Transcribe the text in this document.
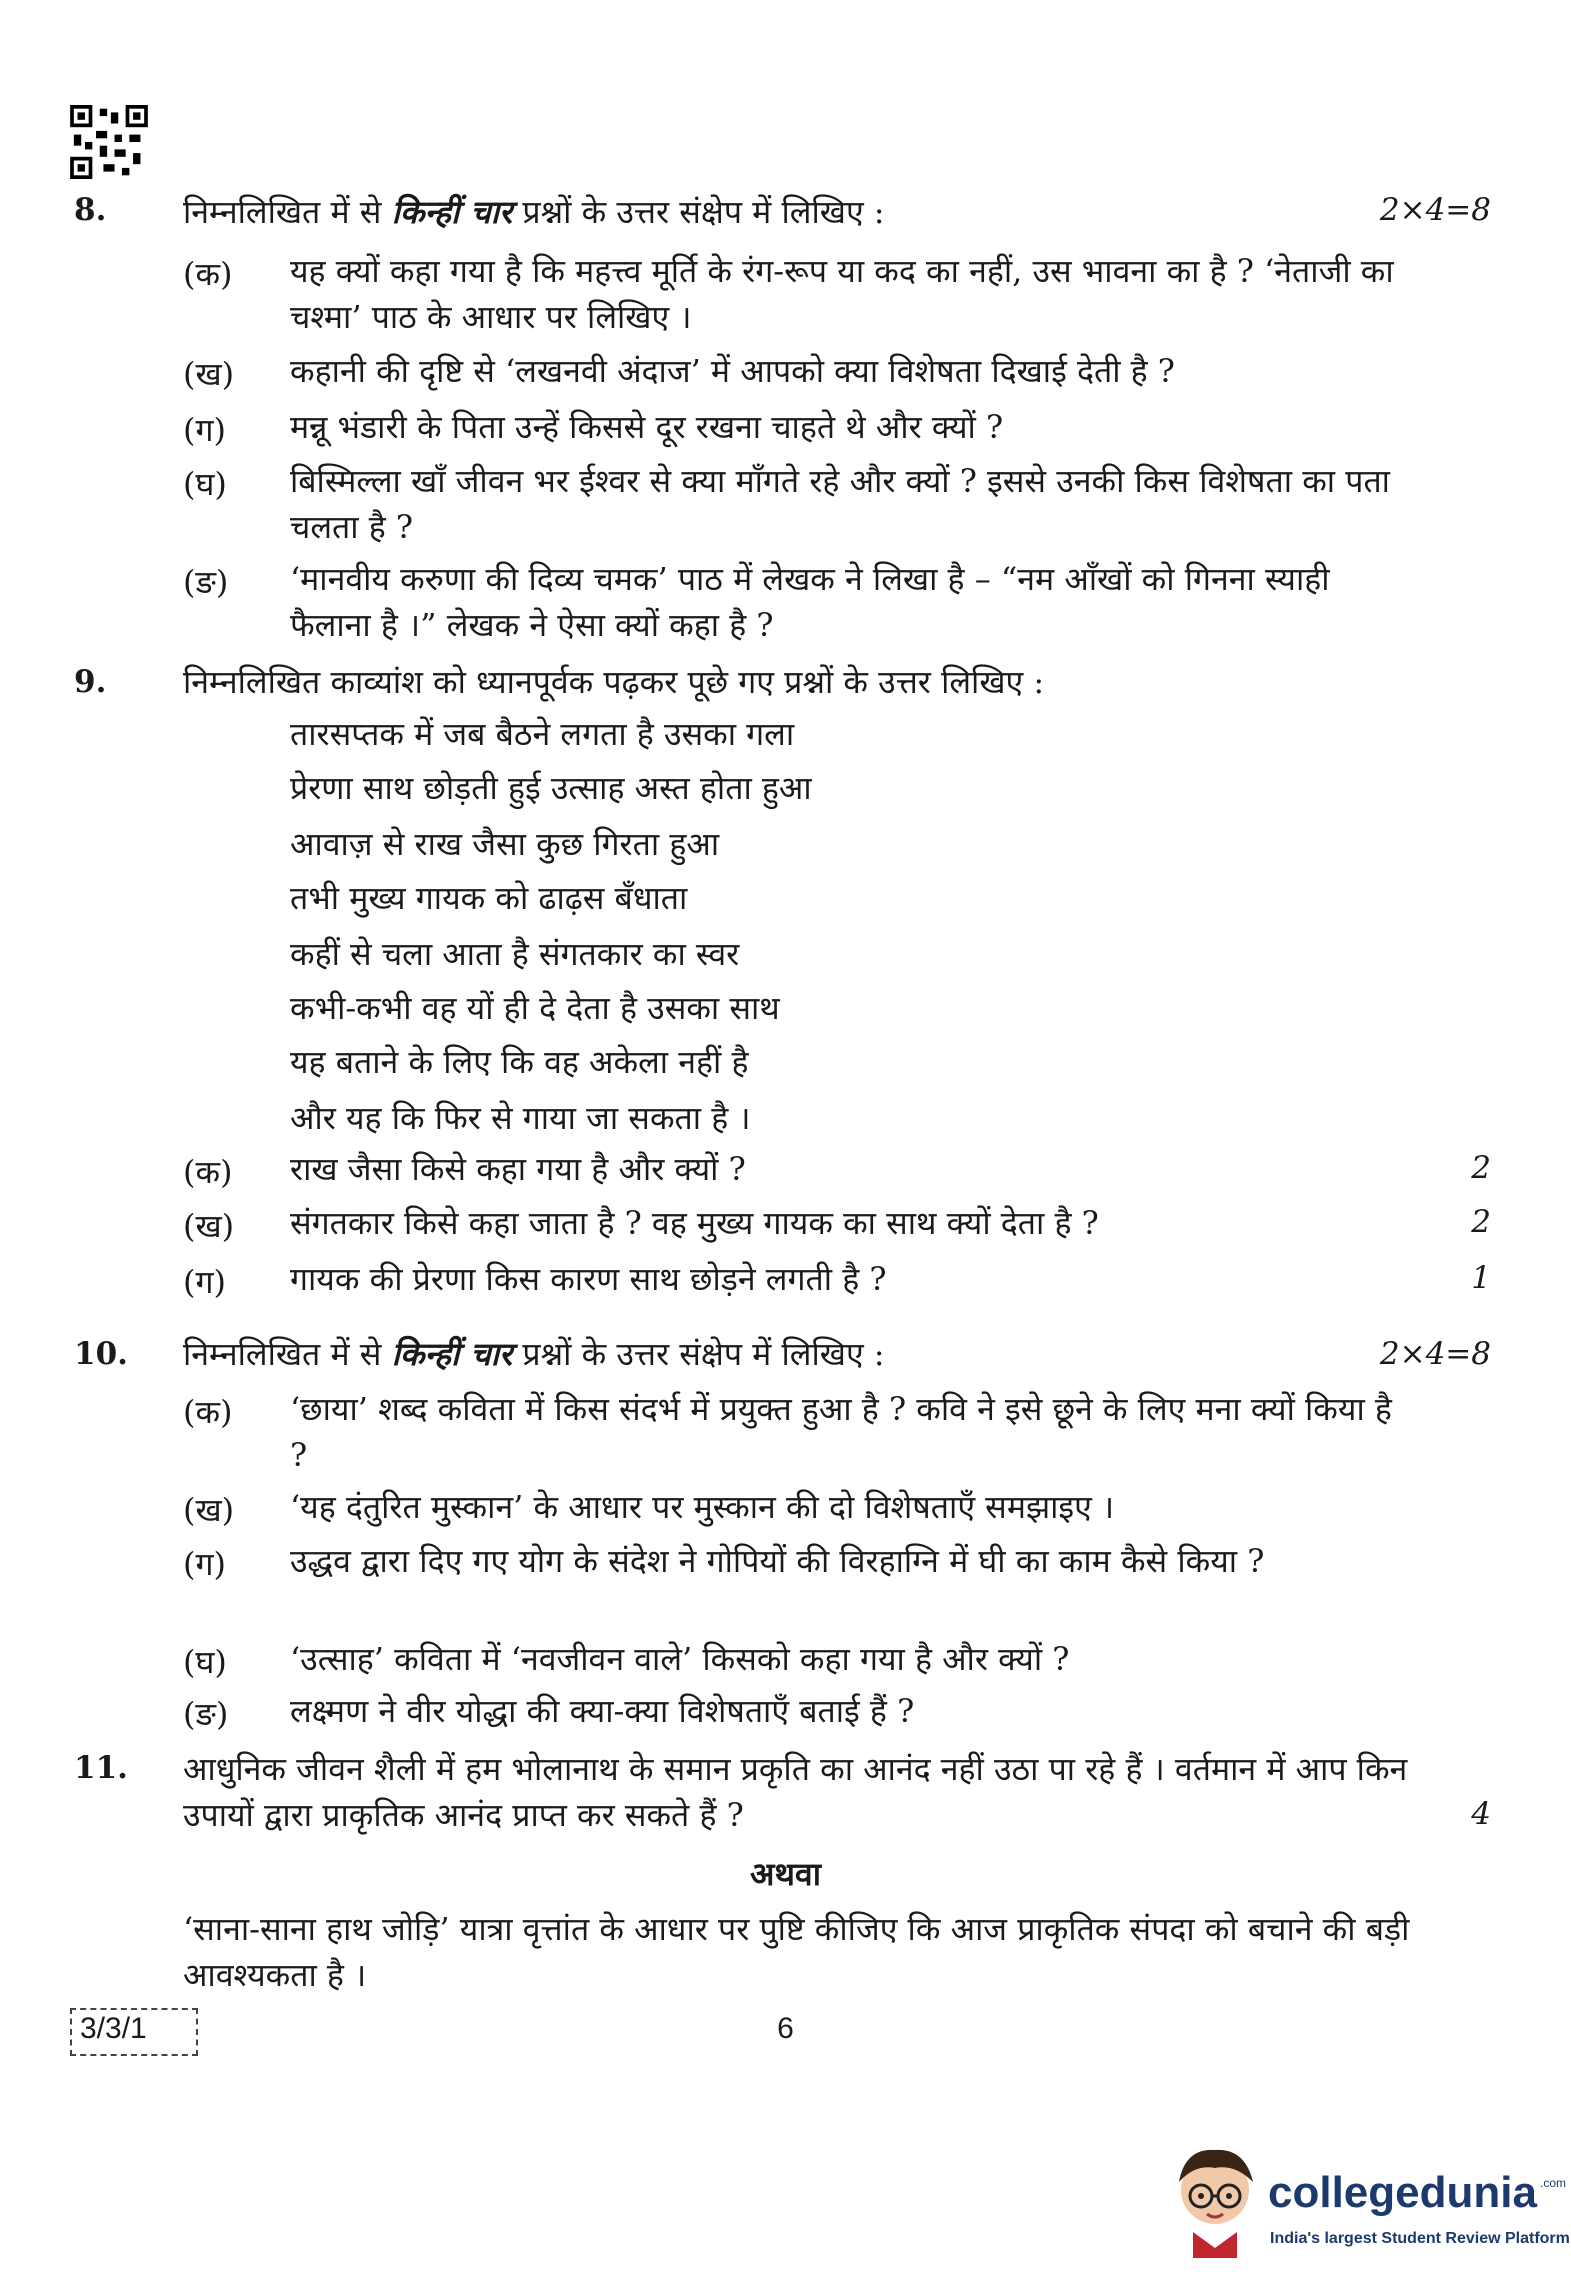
8. निम्नलिखित में से किन्हीं चार प्रश्नों के उत्तर संक्षेप में लिखिए :	2×4=8
(क) यह क्यों कहा गया है कि महत्त्व मूर्ति के रंग-रूप या कद का नहीं, उस भावना का है ? ‘नेताजी का चश्मा’ पाठ के आधार पर लिखिए ।
(ख) कहानी की दृष्टि से ‘लखनवी अंदाज’ में आपको क्या विशेषता दिखाई देती है ?
(ग) मन्नू भंडारी के पिता उन्हें किससे दूर रखना चाहते थे और क्यों ?
(घ) बिस्मिल्ला खाँ जीवन भर ईश्वर से क्या माँगते रहे और क्यों ? इससे उनकी किस विशेषता का पता चलता है ?
(ङ) ‘मानवीय करुणा की दिव्य चमक’ पाठ में लेखक ने लिखा है – “नम आँखों को गिनना स्याही फैलाना है ।” लेखक ने ऐसा क्यों कहा है ?
9. निम्नलिखित काव्यांश को ध्यानपूर्वक पढ़कर पूछे गए प्रश्नों के उत्तर लिखिए :
तारसप्तक में जब बैठने लगता है उसका गला
प्रेरणा साथ छोड़ती हुई उत्साह अस्त होता हुआ
आवाज़ से राख जैसा कुछ गिरता हुआ
तभी मुख्य गायक को ढाढ़स बँधाता
कहीं से चला आता है संगतकार का स्वर
कभी-कभी वह यों ही दे देता है उसका साथ
यह बताने के लिए कि वह अकेला नहीं है
और यह कि फिर से गाया जा सकता है ।
(क) राख जैसा किसे कहा गया है और क्यों ?	2
(ख) संगतकार किसे कहा जाता है ? वह मुख्य गायक का साथ क्यों देता है ?	2
(ग) गायक की प्रेरणा किस कारण साथ छोड़ने लगती है ?	1
10. निम्नलिखित में से किन्हीं चार प्रश्नों के उत्तर संक्षेप में लिखिए :	2×4=8
(क) ‘छाया’ शब्द कविता में किस संदर्भ में प्रयुक्त हुआ है ? कवि ने इसे छूने के लिए मना क्यों किया है ?
(ख) ‘यह दंतुरित मुस्कान’ के आधार पर मुस्कान की दो विशेषताएँ समझाइए ।
(ग) उद्धव द्वारा दिए गए योग के संदेश ने गोपियों की विरहाग्नि में घी का काम कैसे किया ?
(घ) ‘उत्साह’ कविता में ‘नवजीवन वाले’ किसको कहा गया है और क्यों ?
(ङ) लक्ष्मण ने वीर योद्धा की क्या-क्या विशेषताएँ बताई हैं ?
11. आधुनिक जीवन शैली में हम भोलानाथ के समान प्रकृति का आनंद नहीं उठा पा रहे हैं । वर्तमान में आप किन उपायों द्वारा प्राकृतिक आनंद प्राप्त कर सकते हैं ?	4
अथवा
‘साना-साना हाथ जोड़ि’ यात्रा वृत्तांत के आधार पर पुष्टि कीजिए कि आज प्राकृतिक संपदा को बचाने की बड़ी आवश्यकता है ।
3/3/1	6
collegedunia .com
India's largest Student Review Platform
